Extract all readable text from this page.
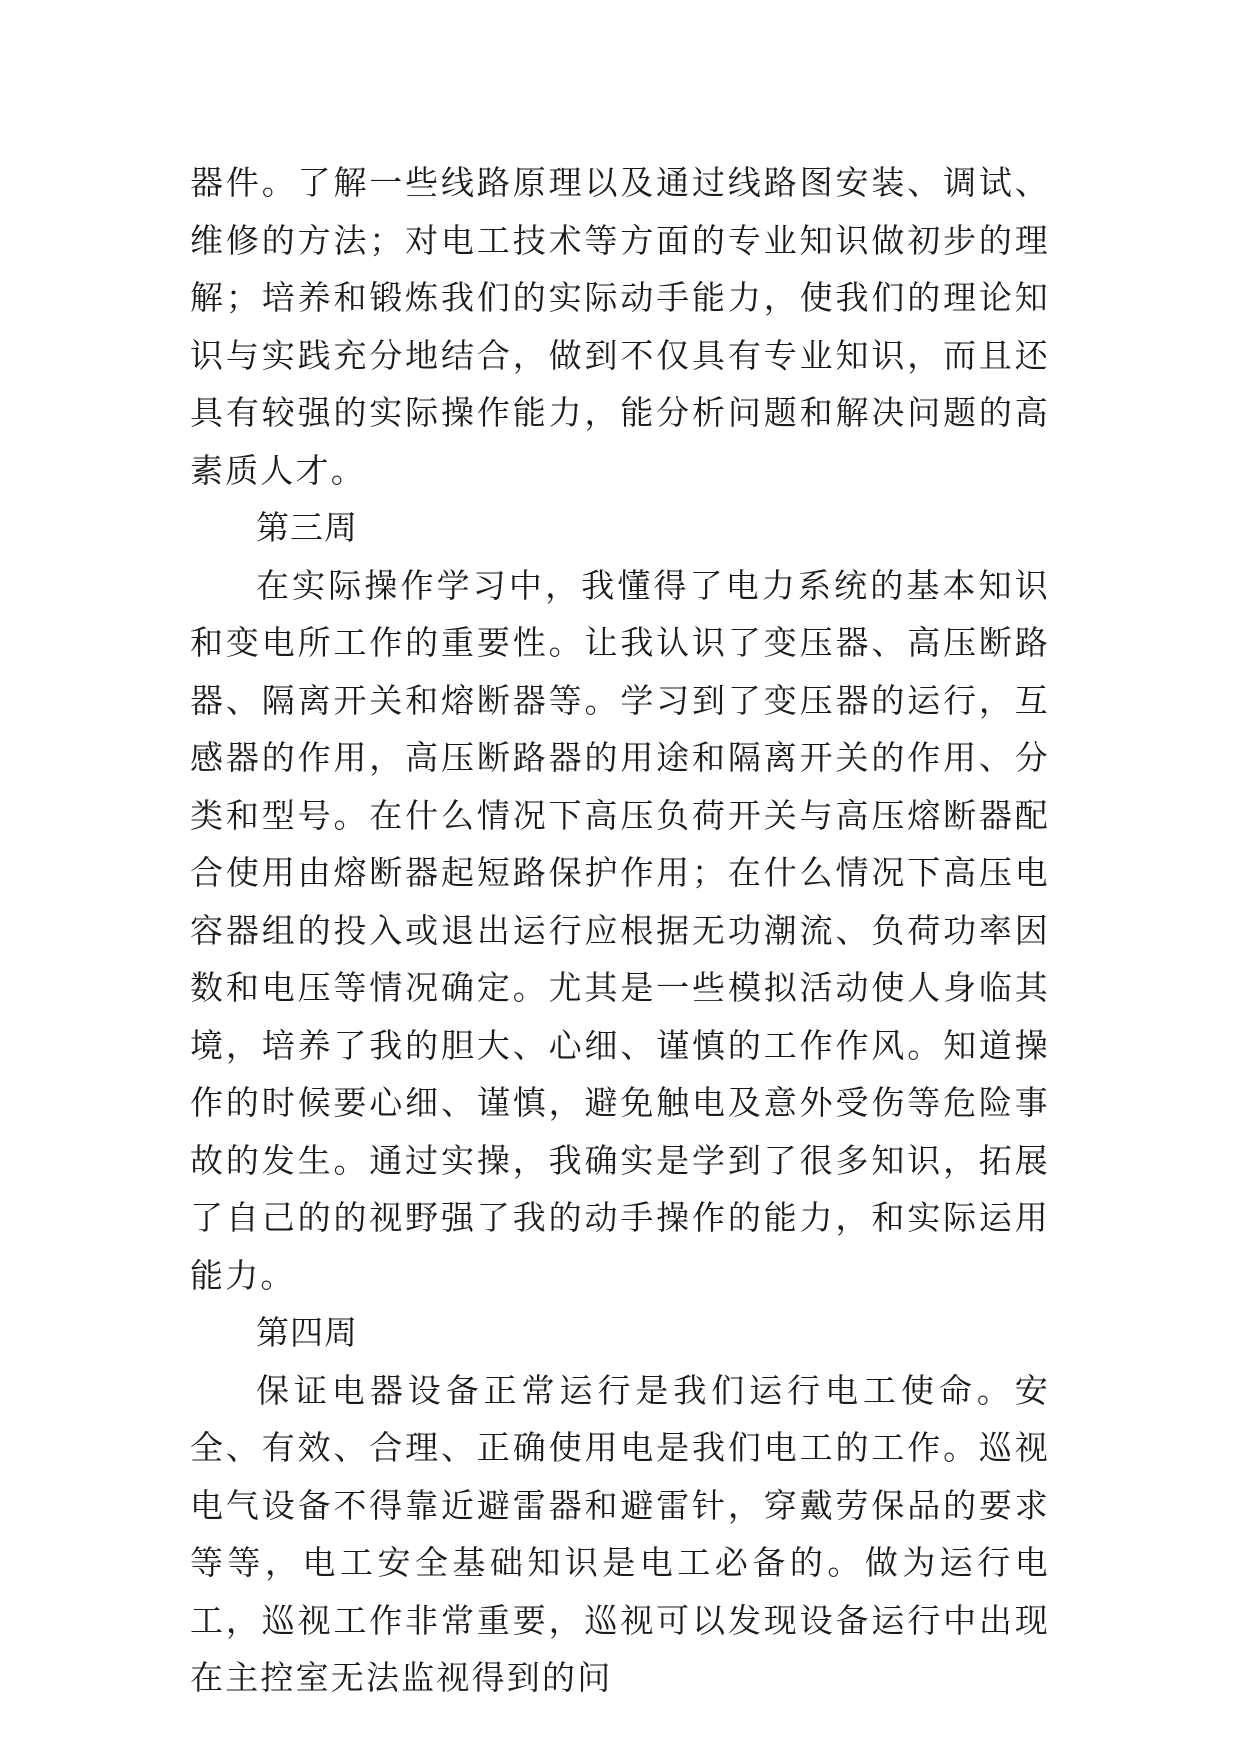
器件。了解一些线路原理以及通过线路图安装、调试、维修的方法；对电工技术等方面的专业知识做初步的理解；培养和锻炼我们的实际动手能力，使我们的理论知识与实践充分地结合，做到不仅具有专业知识，而且还具有较强的实际操作能力，能分析问题和解决问题的高素质人才。

第三周

在实际操作学习中，我懂得了电力系统的基本知识和变电所工作的重要性。让我认识了变压器、高压断路器、隔离开关和熔断器等。学习到了变压器的运行，互感器的作用，高压断路器的用途和隔离开关的作用、分类和型号。在什么情况下高压负荷开关与高压熔断器配合使用由熔断器起短路保护作用；在什么情况下高压电容器组的投入或退出运行应根据无功潮流、负荷功率因数和电压等情况确定。尤其是一些模拟活动使人身临其境，培养了我的胆大、心细、谨慎的工作作风。知道操作的时候要心细、谨慎，避免触电及意外受伤等危险事故的发生。通过实操，我确实是学到了很多知识，拓展了自己的的视野强了我的动手操作的能力，和实际运用能力。

第四周

保证电器设备正常运行是我们运行电工使命。安全、有效、合理、正确使用电是我们电工的工作。巡视电气设备不得靠近避雷器和避雷针，穿戴劳保品的要求等等，电工安全基础知识是电工必备的。做为运行电工，巡视工作非常重要，巡视可以发现设备运行中出现在主控室无法监视得到的问
